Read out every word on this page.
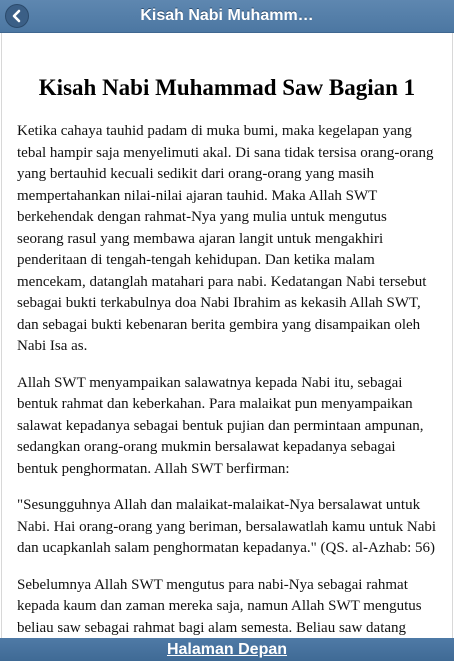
Kisah Nabi Muhamm…
Kisah Nabi Muhammad Saw Bagian 1

Ketika cahaya tauhid padam di muka bumi, maka kegelapan yang tebal hampir saja menyelimuti akal. Di sana tidak tersisa orang-orang yang bertauhid kecuali sedikit dari orang-orang yang masih mempertahankan nilai-nilai ajaran tauhid. Maka Allah SWT berkehendak dengan rahmat-Nya yang mulia untuk mengutus seorang rasul yang membawa ajaran langit untuk mengakhiri penderitaan di tengah-tengah kehidupan. Dan ketika malam mencekam, datanglah matahari para nabi. Kedatangan Nabi tersebut sebagai bukti terkabulnya doa Nabi Ibrahim as kekasih Allah SWT, dan sebagai bukti kebenaran berita gembira yang disampaikan oleh Nabi Isa as.

Allah SWT menyampaikan salawatnya kepada Nabi itu, sebagai bentuk rahmat dan keberkahan. Para malaikat pun menyampaikan salawat kepadanya sebagai bentuk pujian dan permintaan ampunan, sedangkan orang-orang mukmin bersalawat kepadanya sebagai bentuk penghormatan. Allah SWT berfirman:

"Sesungguhnya Allah dan malaikat-malaikat-Nya bersalawat untuk Nabi. Hai orang-orang yang beriman, bersalawatlah kamu untuk Nabi dan ucapkanlah salam penghormatan kepadanya." (QS. al-Azhab: 56)

Sebelumnya Allah SWT mengutus para nabi-Nya sebagai rahmat kepada kaum dan zaman mereka saja, namun Allah SWT mengutus beliau saw sebagai rahmat bagi alam semesta. Beliau saw datang

Halaman Depan
